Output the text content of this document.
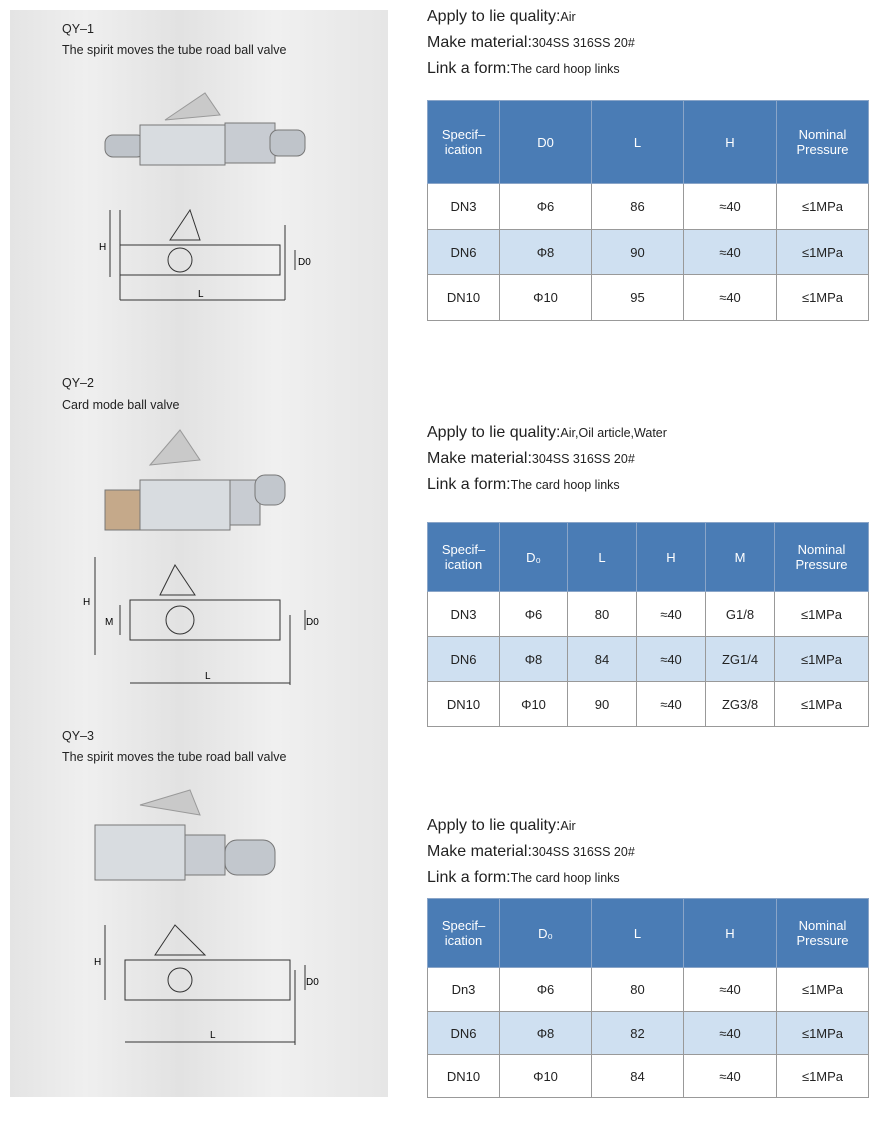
QY–1
The spirit moves the tube road ball valve
QY–2
Card mode ball valve
QY–3
The spirit moves the tube road ball valve
H
L
D0
H
M
L
D0
H
L
D0
Apply to lie quality:Air
Make material:304SS 316SS 20#
Link a form:The card hoop links
Specif–
ication	D0	L	H	Nominal
Pressure
DN3	Φ6	86	≈40	≤1MPa
DN6	Φ8	90	≈40	≤1MPa
DN10	Φ10	95	≈40	≤1MPa
Apply to lie quality:Air,Oil article,Water
Make material:304SS 316SS 20#
Link a form:The card hoop links
Specif–
ication	D₀	L	H	M	Nominal
Pressure
DN3	Φ6	80	≈40	G1/8	≤1MPa
DN6	Φ8	84	≈40	ZG1/4	≤1MPa
DN10	Φ10	90	≈40	ZG3/8	≤1MPa
Apply to lie quality:Air
Make material:304SS 316SS 20#
Link a form:The card hoop links
Specif–
ication	D₀	L	H	Nominal
Pressure
Dn3	Φ6	80	≈40	≤1MPa
DN6	Φ8	82	≈40	≤1MPa
DN10	Φ10	84	≈40	≤1MPa
